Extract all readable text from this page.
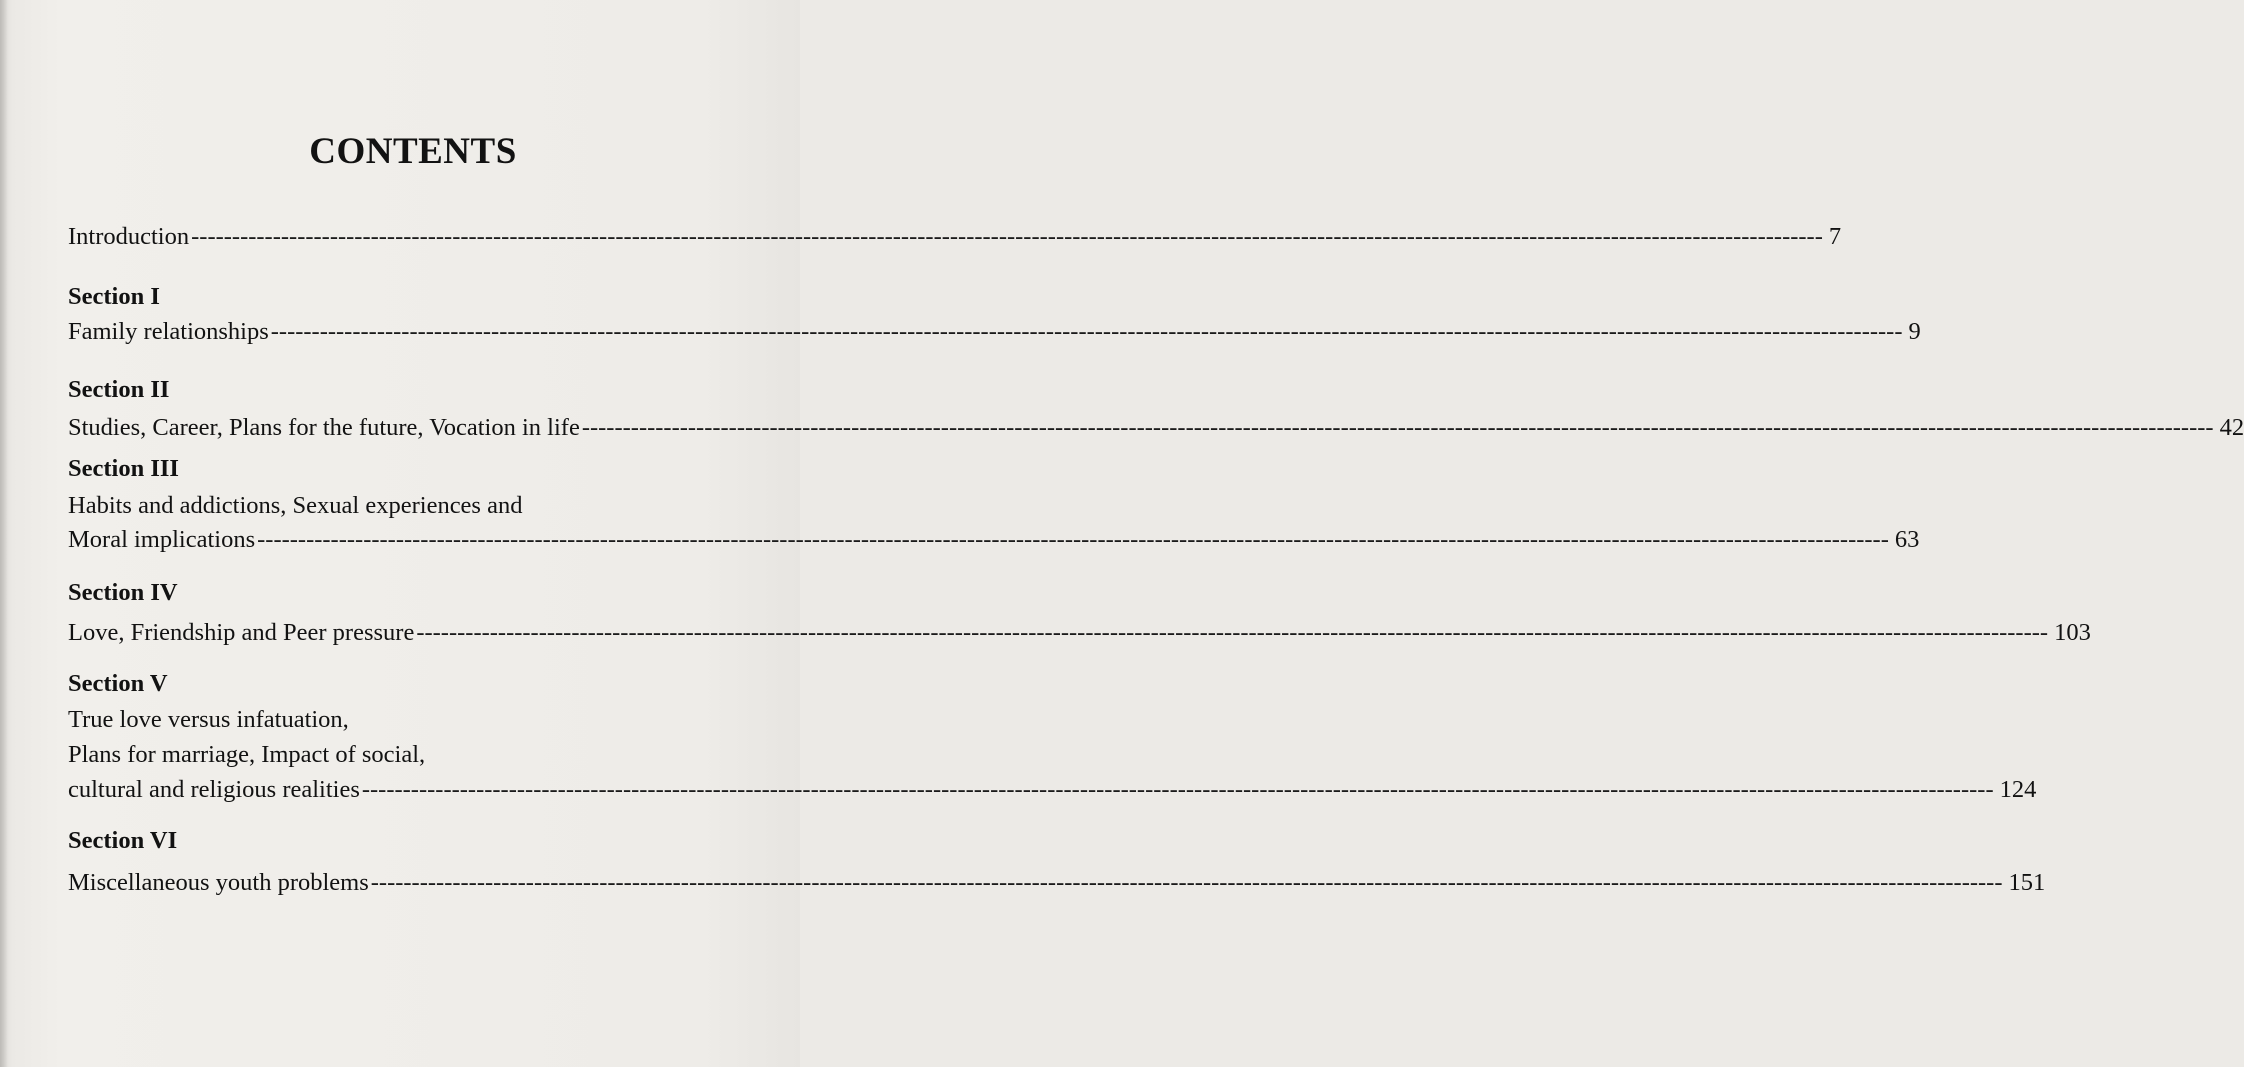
CONTENTS
Introduction -------------------------------------------------------------------------------------------------------------------------------------------------------------------------------------------------------- 7
Section I
Family relationships -------------------------------------------------------------------------------------------------------------------------------------------------------------------------------------------------------- 9
Section II
Studies, Career, Plans for the future, Vocation in life -------------------------------------------------------------------------------------------------------------------------------------------------------------------------------------------------------- 42
Section III
Habits and addictions, Sexual experiences and
Moral implications -------------------------------------------------------------------------------------------------------------------------------------------------------------------------------------------------------- 63
Section IV
Love, Friendship and Peer pressure -------------------------------------------------------------------------------------------------------------------------------------------------------------------------------------------------------- 103
Section V
True love versus infatuation,
Plans for marriage, Impact of social,
cultural and religious realities -------------------------------------------------------------------------------------------------------------------------------------------------------------------------------------------------------- 124
Section VI
Miscellaneous youth problems -------------------------------------------------------------------------------------------------------------------------------------------------------------------------------------------------------- 151
